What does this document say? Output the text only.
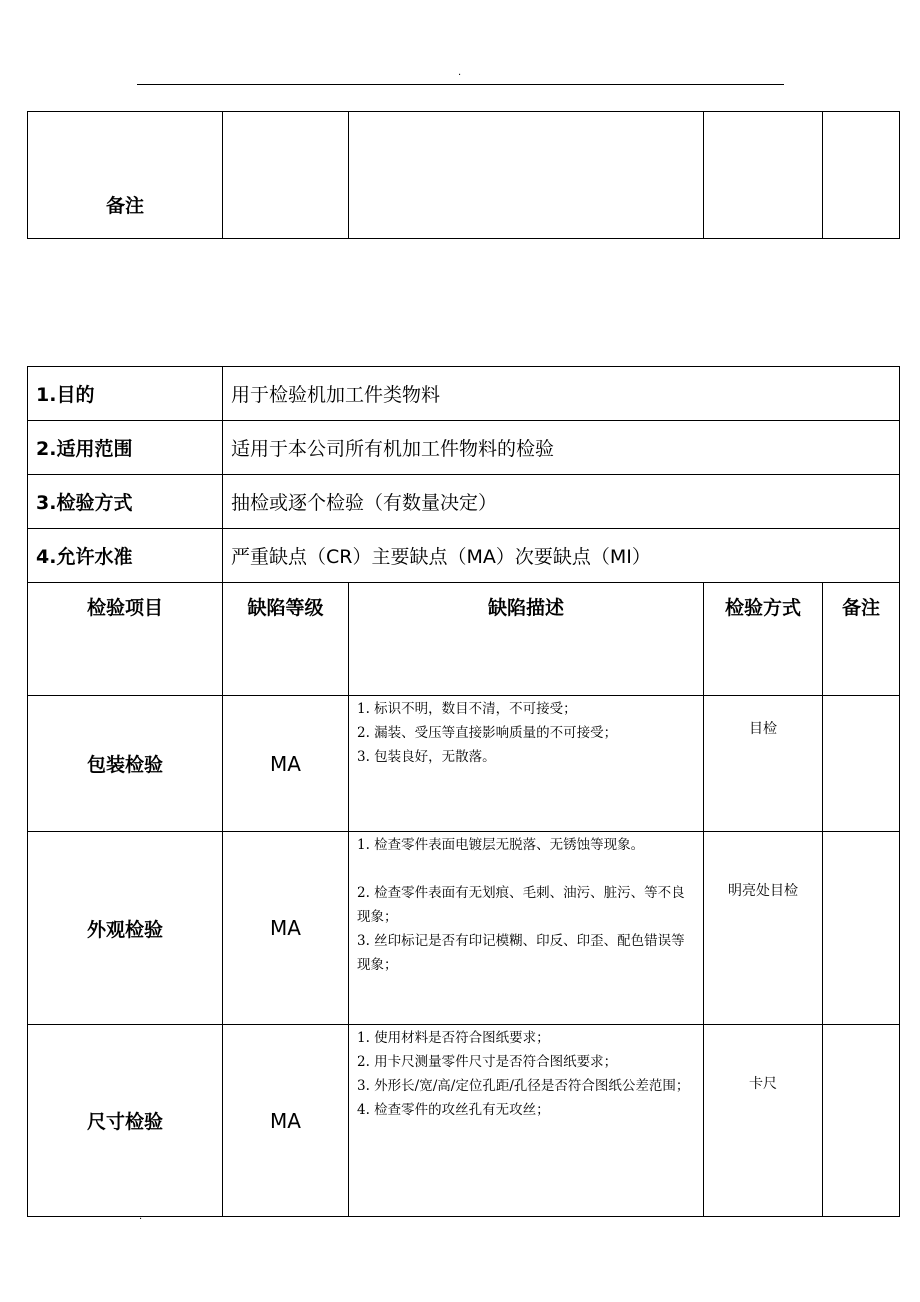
.
备注				
1.目的	用于检验机加工件类物料			
2.适用范围	适用于本公司所有机加工件物料的检验			
3.检验方式	抽检或逐个检验（有数量决定）			
4.允许水准	严重缺点（CR）主要缺点（MA）次要缺点（MI）			
检验项目	缺陷等级	缺陷描述	检验方式	备注
包装检验	MA	1. 标识不明，数目不清，不可接受；
2. 漏装、受压等直接影响质量的不可接受；
3. 包装良好，无散落。	目检	
外观检验	MA	1. 检查零件表面电镀层无脱落、无锈蚀等现象。
2. 检查零件表面有无划痕、毛刺、油污、脏污、等不良现象；
3. 丝印标记是否有印记模糊、印反、印歪、配色错误等现象；	明亮处目检	
尺寸检验	MA	1. 使用材料是否符合图纸要求；
2. 用卡尺测量零件尺寸是否符合图纸要求；
3. 外形长/宽/高/定位孔距/孔径是否符合图纸公差范围；
4. 检查零件的攻丝孔有无攻丝；	卡尺	
.
